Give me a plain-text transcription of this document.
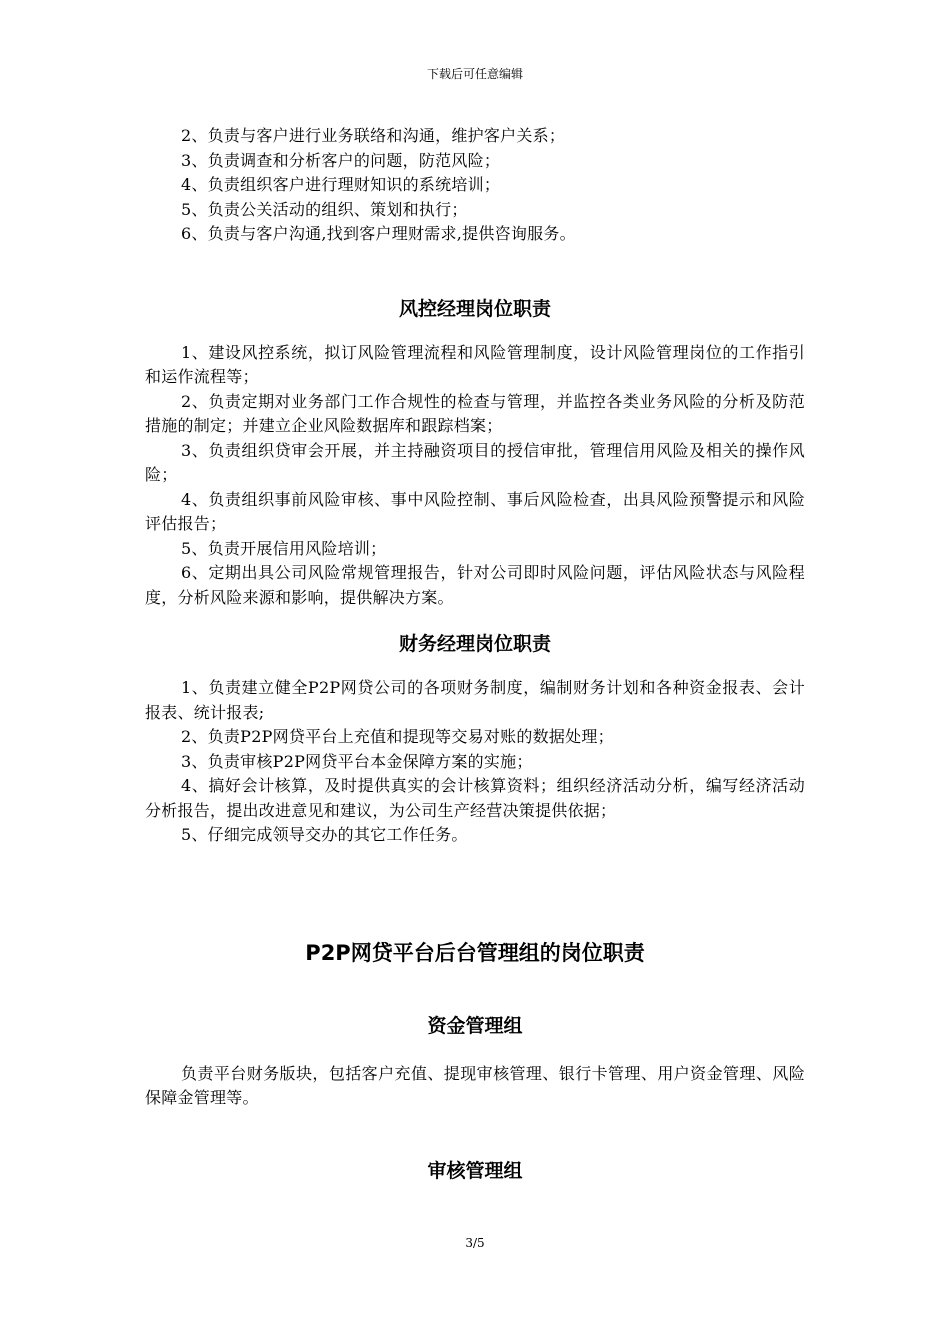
下载后可任意编辑

2、负责与客户进行业务联络和沟通，维护客户关系；

3、负责调查和分析客户的问题，防范风险；

4、负责组织客户进行理财知识的系统培训；

5、负责公关活动的组织、策划和执行；

6、负责与客户沟通,找到客户理财需求,提供咨询服务。

风控经理岗位职责

1、建设风控系统，拟订风险管理流程和风险管理制度，设计风险管理岗位的工作指引和运作流程等；

2、负责定期对业务部门工作合规性的检查与管理，并监控各类业务风险的分析及防范措施的制定；并建立企业风险数据库和跟踪档案；

3、负责组织贷审会开展，并主持融资项目的授信审批，管理信用风险及相关的操作风险；

4、负责组织事前风险审核、事中风险控制、事后风险检查，出具风险预警提示和风险评估报告；

5、负责开展信用风险培训；

6、定期出具公司风险常规管理报告，针对公司即时风险问题，评估风险状态与风险程度，分析风险来源和影响，提供解决方案。

财务经理岗位职责

1、负责建立健全P2P网贷公司的各项财务制度，编制财务计划和各种资金报表、会计报表、统计报表;

2、负责P2P网贷平台上充值和提现等交易对账的数据处理；

3、负责审核P2P网贷平台本金保障方案的实施；

4、搞好会计核算，及时提供真实的会计核算资料；组织经济活动分析，编写经济活动分析报告，提出改进意见和建议，为公司生产经营决策提供依据；

5、仔细完成领导交办的其它工作任务。

P2P网贷平台后台管理组的岗位职责
资金管理组

负责平台财务版块，包括客户充值、提现审核管理、银行卡管理、用户资金管理、风险保障金管理等。

审核管理组
3/5
